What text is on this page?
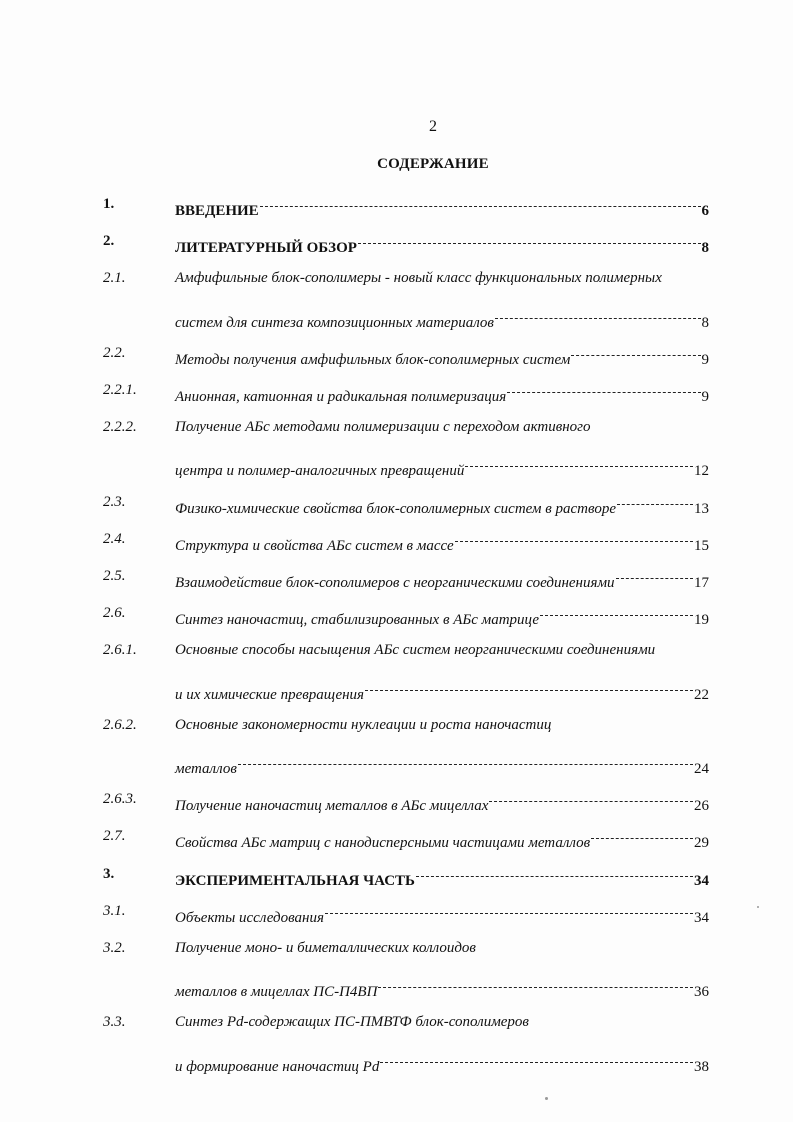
2
СОДЕРЖАНИЕ
1.	ВВЕДЕНИЕ	6
2.	ЛИТЕРАТУРНЫЙ ОБЗОР	8
2.1.	Амфифильные блок-сополимеры - новый класс функциональных полимерных
систем для синтеза композиционных материалов	8
2.2.	Методы получения амфифильных блок-сополимерных систем	9
2.2.1.	Анионная, катионная и радикальная полимеризация	9
2.2.2.	Получение АБс методами полимеризации с переходом активного
центра и полимер-аналогичных превращений	12
2.3.	Физико-химические свойства блок-сополимерных систем в растворе	13
2.4.	Структура и свойства АБс систем в массе	15
2.5.	Взаимодействие блок-сополимеров с неорганическими соединениями	17
2.6.	Синтез наночастиц, стабилизированных в АБс матрице	19
2.6.1.	Основные способы насыщения АБс систем неорганическими соединениями
и их химические превращения	22
2.6.2.	Основные закономерности нуклеации и роста наночастиц
металлов	24
2.6.3.	Получение наночастиц металлов в АБс мицеллах	26
2.7.	Свойства АБс матриц с нанодисперсными частицами металлов	29
3.	ЭКСПЕРИМЕНТАЛЬНАЯ ЧАСТЬ	34
3.1.	Объекты исследования	34
3.2.	Получение моно- и биметаллических коллоидов
металлов в мицеллах ПС-П4ВП	36
3.3.	Синтез Pd-содержащих ПС-ПМВТФ блок-сополимеров
и формирование наночастиц Pd	38
